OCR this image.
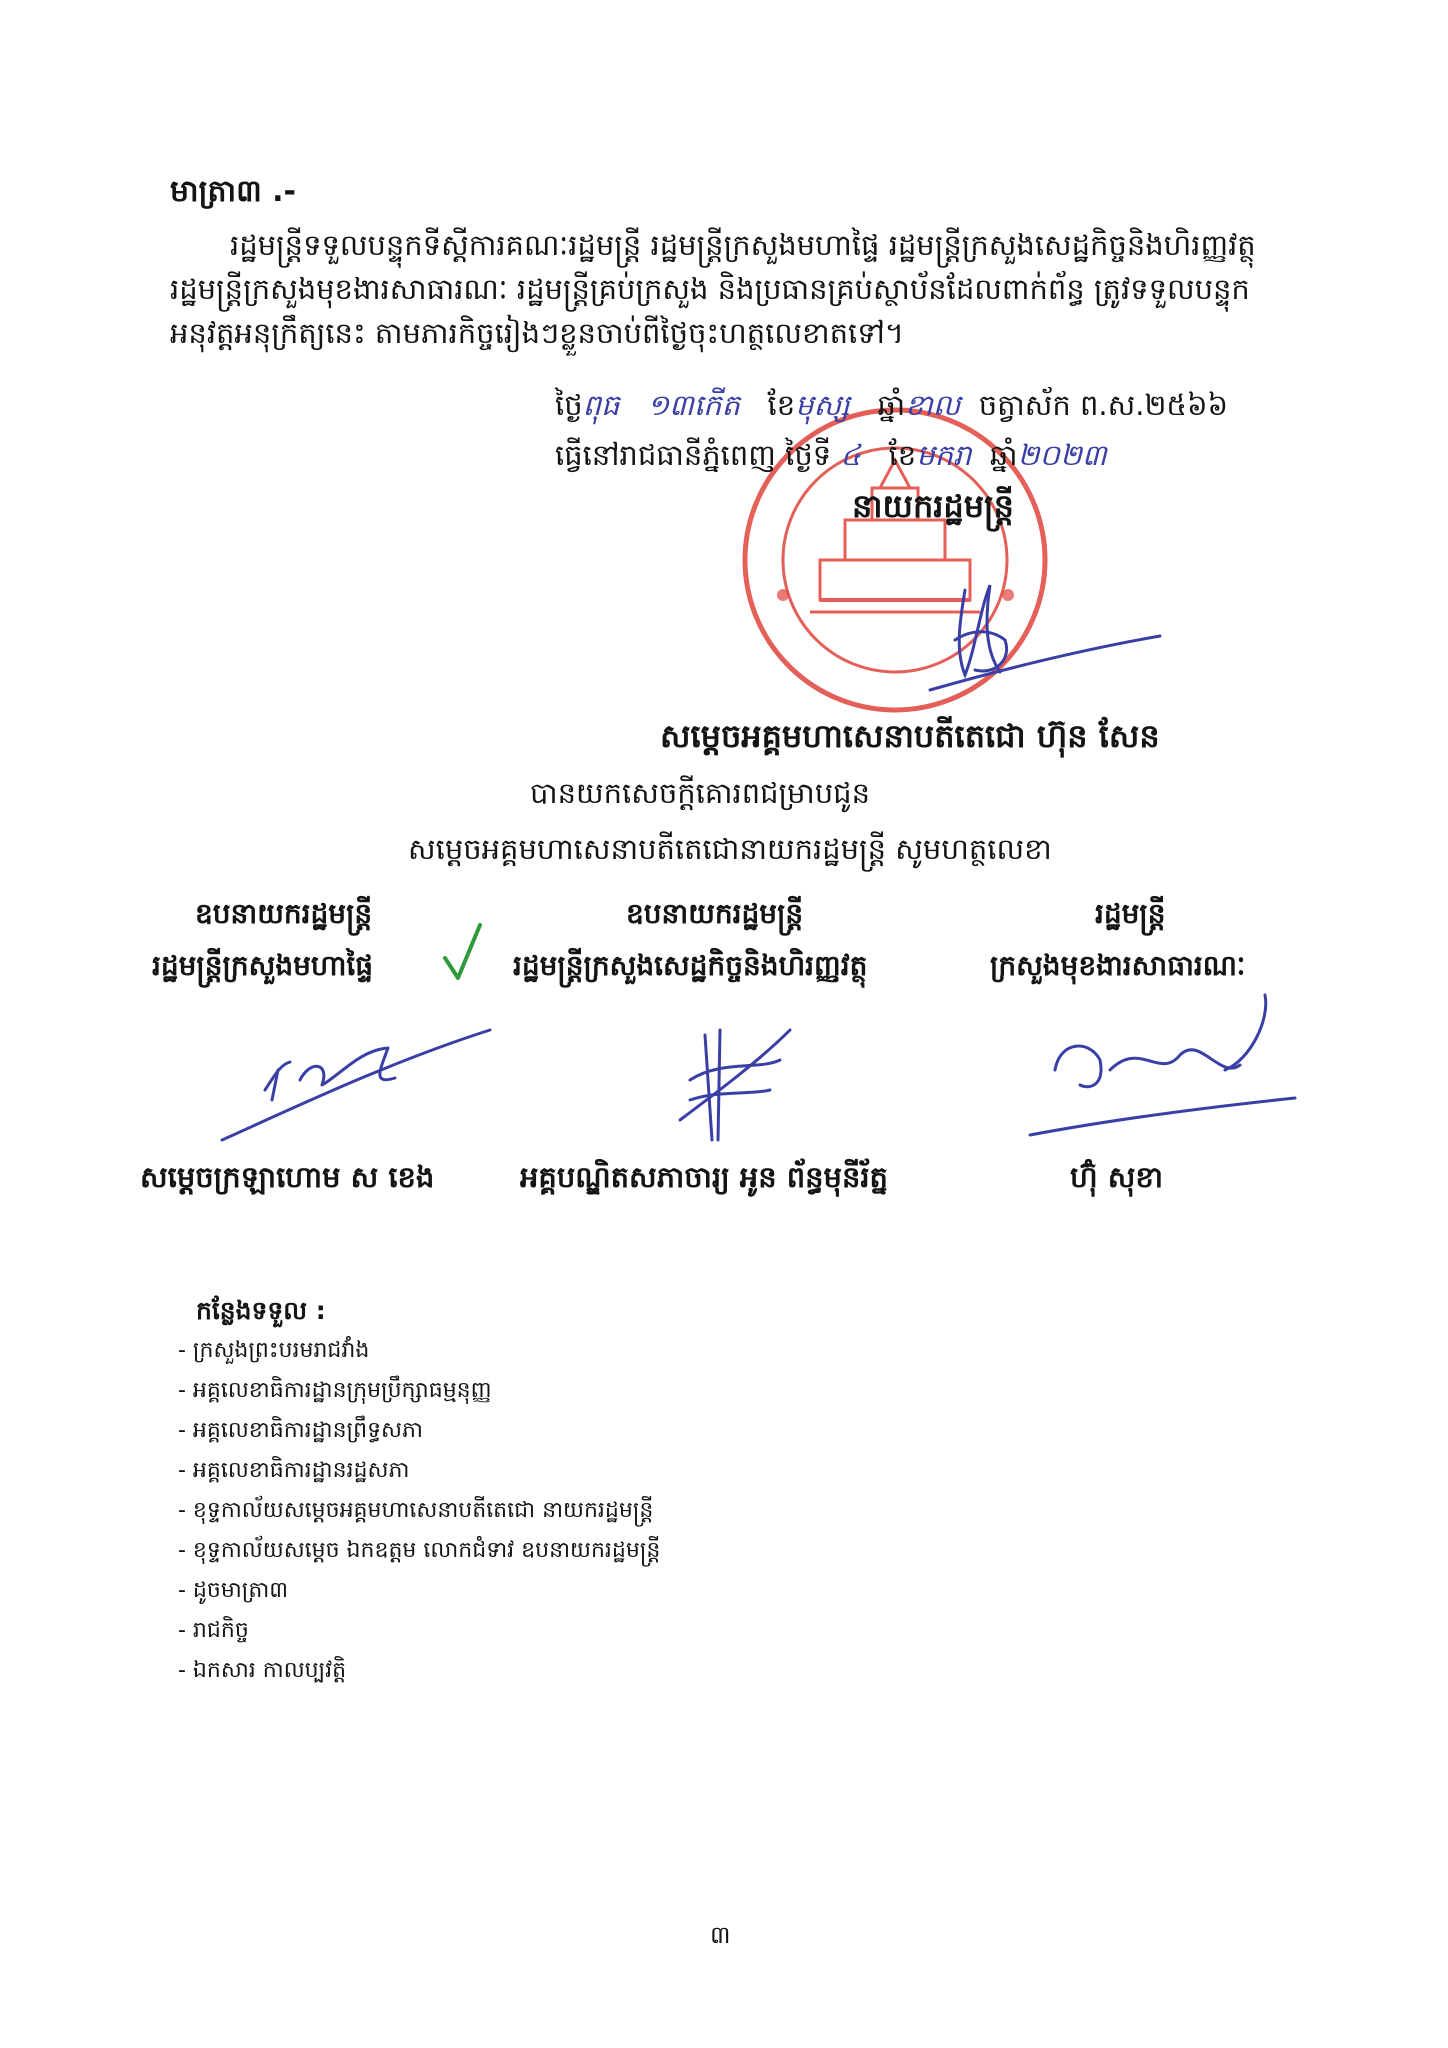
មាត្រា៣ .-
រដ្ឋមន្ត្រីទទួលបន្ទុកទីស្តីការគណៈរដ្ឋមន្ត្រី រដ្ឋមន្ត្រីក្រសួងមហាផ្ទៃ រដ្ឋមន្ត្រីក្រសួងសេដ្ឋកិច្ចនិងហិរញ្ញវត្ថុ
រដ្ឋមន្ត្រីក្រសួងមុខងារសាធារណៈ រដ្ឋមន្ត្រីគ្រប់ក្រសួង និងប្រធានគ្រប់ស្ថាប័នដែលពាក់ព័ន្ធ ត្រូវទទួលបន្ទុក
អនុវត្តអនុក្រឹត្យនេះ តាមភារកិច្ចរៀងៗខ្លួនចាប់ពីថ្ងៃចុះហត្ថលេខាតទៅ។
ថ្ងៃពុធ ១៣កើត ខែមុស្ស ឆ្នាំខាល ចត្វាស័ក ព.ស.២៥៦៦
ធ្វើនៅរាជធានីភ្នំពេញ ថ្ងៃទី ៤ ខែមករា ឆ្នាំ២០២៣
នាយករដ្ឋមន្ត្រី
សម្តេចអគ្គមហាសេនាបតីតេជោ ហ៊ុន សែន
បានយកសេចក្តីគោរពជម្រាបជូន
សម្តេចអគ្គមហាសេនាបតីតេជោនាយករដ្ឋមន្ត្រី សូមហត្ថលេខា
ឧបនាយករដ្ឋមន្ត្រី
រដ្ឋមន្ត្រីក្រសួងមហាផ្ទៃ
សម្តេចក្រឡាហោម ស ខេង
ឧបនាយករដ្ឋមន្ត្រី
រដ្ឋមន្ត្រីក្រសួងសេដ្ឋកិច្ចនិងហិរញ្ញវត្ថុ
អគ្គបណ្ឌិតសភាចារ្យ អូន ព័ន្ធមុនីរ័ត្ន
រដ្ឋមន្ត្រី
ក្រសួងមុខងារសាធារណៈ
ហ៊ុំ សុខា
កន្លែងទទួល :
- ក្រសួងព្រះបរមរាជវាំង
- អគ្គលេខាធិការដ្ឋានក្រុមប្រឹក្សាធម្មនុញ្ញ
- អគ្គលេខាធិការដ្ឋានព្រឹទ្ធសភា
- អគ្គលេខាធិការដ្ឋានរដ្ឋសភា
- ខុទ្ទកាល័យសម្តេចអគ្គមហាសេនាបតីតេជោ នាយករដ្ឋមន្ត្រី
- ខុទ្ទកាល័យសម្តេច ឯកឧត្តម លោកជំទាវ ឧបនាយករដ្ឋមន្ត្រី
- ដូចមាត្រា៣
- រាជកិច្ច
- ឯកសារ កាលប្បវត្តិ
៣
